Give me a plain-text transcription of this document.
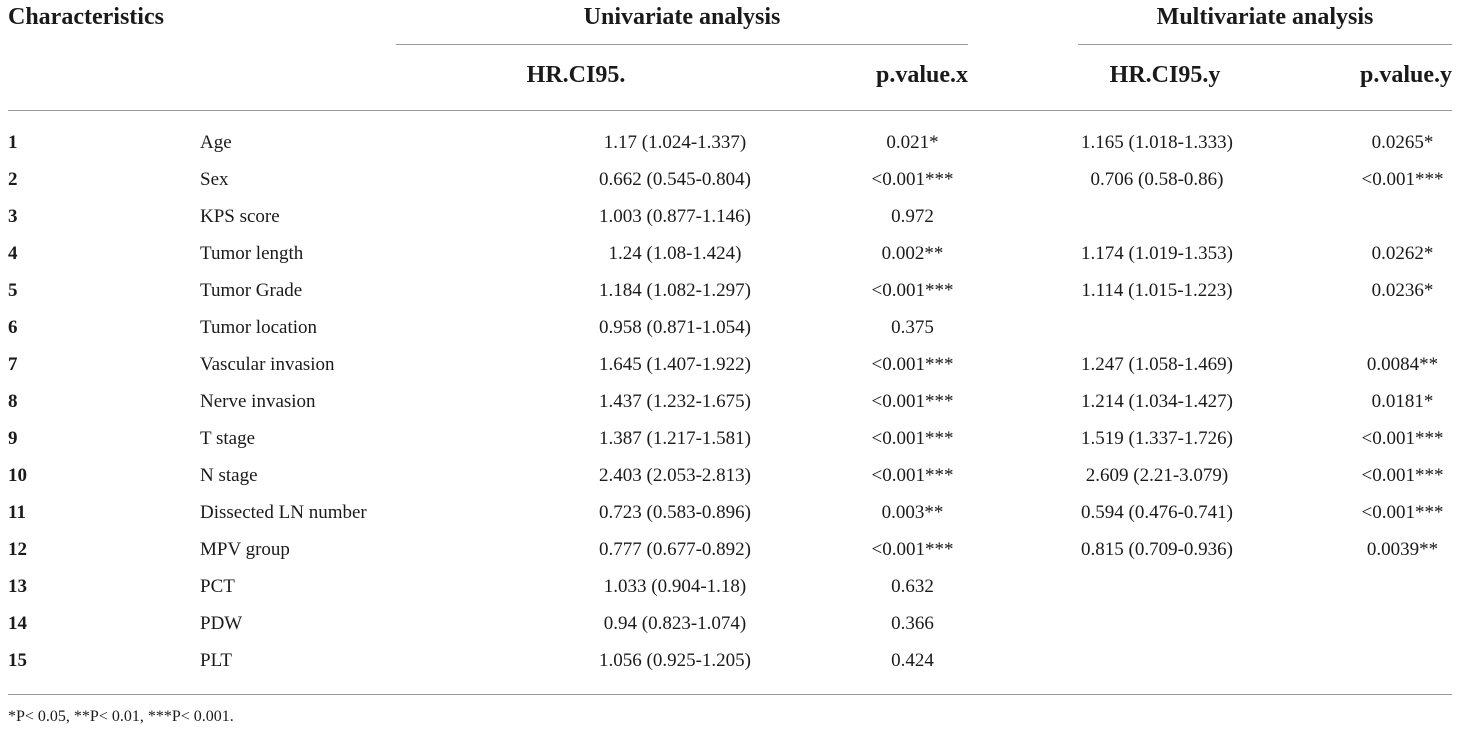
Characteristics	Univariate analysis	Multivariate analysis
HR.CI95.	p.value.x	HR.CI95.y	p.value.y
1	Age	1.17 (1.024-1.337)	0.021*	1.165 (1.018-1.333)	0.0265*
2	Sex	0.662 (0.545-0.804)	<0.001***	0.706 (0.58-0.86)	<0.001***
3	KPS score	1.003 (0.877-1.146)	0.972
4	Tumor length	1.24 (1.08-1.424)	0.002**	1.174 (1.019-1.353)	0.0262*
5	Tumor Grade	1.184 (1.082-1.297)	<0.001***	1.114 (1.015-1.223)	0.0236*
6	Tumor location	0.958 (0.871-1.054)	0.375
7	Vascular invasion	1.645 (1.407-1.922)	<0.001***	1.247 (1.058-1.469)	0.0084**
8	Nerve invasion	1.437 (1.232-1.675)	<0.001***	1.214 (1.034-1.427)	0.0181*
9	T stage	1.387 (1.217-1.581)	<0.001***	1.519 (1.337-1.726)	<0.001***
10	N stage	2.403 (2.053-2.813)	<0.001***	2.609 (2.21-3.079)	<0.001***
11	Dissected LN number	0.723 (0.583-0.896)	0.003**	0.594 (0.476-0.741)	<0.001***
12	MPV group	0.777 (0.677-0.892)	<0.001***	0.815 (0.709-0.936)	0.0039**
13	PCT	1.033 (0.904-1.18)	0.632
14	PDW	0.94 (0.823-1.074)	0.366
15	PLT	1.056 (0.925-1.205)	0.424
*P< 0.05, **P< 0.01, ***P< 0.001.
